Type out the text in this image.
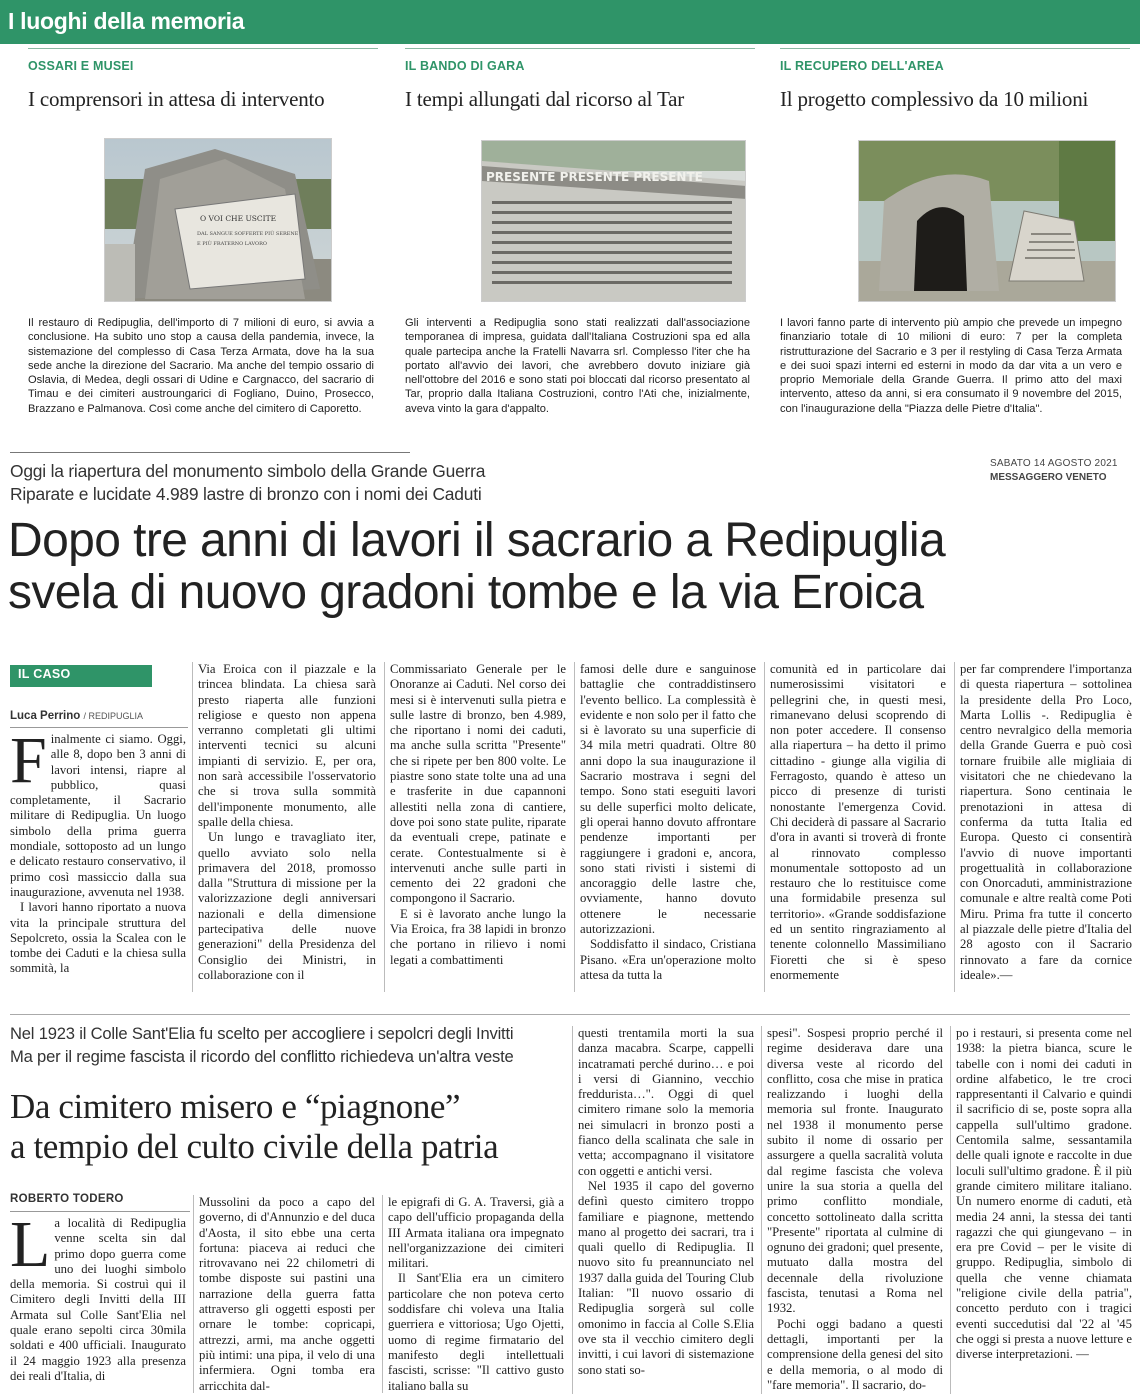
I luoghi della memoria
OSSARI E MUSEI
I comprensori in attesa di intervento
O VOI CHE USCITE
DAL SANGUE SOFFERTE PIÙ SERENE
E PIÙ FRATERNO LAVORO
Il restauro di Redipuglia, dell'importo di 7 milioni di euro, si avvia a conclusione. Ha subito uno stop a causa della pandemia, invece, la sistemazione del complesso di Casa Terza Armata, dove ha la sua sede anche la direzione del Sacrario. Ma anche del tempio ossario di Oslavia, di Medea, degli ossari di Udine e Cargnacco, del sacrario di Timau e dei cimiteri austroungarici di Fogliano, Duino, Prosecco, Brazzano e Palmanova. Così come anche del cimitero di Caporetto.
IL BANDO DI GARA
I tempi allungati dal ricorso al Tar
PRESENTE PRESENTE PRESENTE
Gli interventi a Redipuglia sono stati realizzati dall'associazione temporanea di impresa, guidata dall'Italiana Costruzioni spa ed alla quale partecipa anche la Fratelli Navarra srl. Complesso l'iter che ha portato all'avvio dei lavori, che avrebbero dovuto iniziare già nell'ottobre del 2016 e sono stati poi bloccati dal ricorso presentato al Tar, proprio dalla Italiana Costruzioni, contro l'Ati che, inizialmente, aveva vinto la gara d'appalto.
IL RECUPERO DELL'AREA
Il progetto complessivo da 10 milioni
I lavori fanno parte di intervento più ampio che prevede un impegno finanziario totale di 10 milioni di euro: 7 per la completa ristrutturazione del Sacrario e 3 per il restyling di Casa Terza Armata e dei suoi spazi interni ed esterni in modo da dar vita a un vero e proprio Memoriale della Grande Guerra. Il primo atto del maxi intervento, atteso da anni, si era consumato il 9 novembre del 2015, con l'inaugurazione della "Piazza delle Pietre d'Italia".
SABATO 14 AGOSTO 2021
MESSAGGERO VENETO
Oggi la riapertura del monumento simbolo della Grande Guerra
Riparate e lucidate 4.989 lastre di bronzo con i nomi dei Caduti
Dopo tre anni di lavori il sacrario a Redipuglia
svela di nuovo gradoni tombe e la via Eroica
IL CASO
Luca Perrino / REDIPUGLIA
F inalmente ci siamo. Oggi, alle 8, dopo ben 3 anni di lavori intensi, riapre al pubblico, quasi completamente, il Sacrario militare di Redipuglia. Un luogo simbolo della prima guerra mondiale, sottoposto ad un lungo e delicato restauro conservativo, il primo così massiccio dalla sua inaugurazione, avvenuta nel 1938.

I lavori hanno riportato a nuova vita la principale struttura del Sepolcreto, ossia la Scalea con le tombe dei Caduti e la chiesa sulla sommità, la

Via Eroica con il piazzale e la trincea blindata. La chiesa sarà presto riaperta alle funzioni religiose e questo non appena verranno completati gli ultimi interventi tecnici su alcuni impianti di servizio. E, per ora, non sarà accessibile l'osservatorio che si trova sulla sommità dell'imponente monumento, alle spalle della chiesa.

Un lungo e travagliato iter, quello avviato solo nella primavera del 2018, promosso dalla "Struttura di missione per la valorizzazione degli anniversari nazionali e della dimensione partecipativa delle nuove generazioni" della Presidenza del Consiglio dei Ministri, in collaborazione con il

Commissariato Generale per le Onoranze ai Caduti. Nel corso dei mesi si è intervenuti sulla pietra e sulle lastre di bronzo, ben 4.989, che riportano i nomi dei caduti, ma anche sulla scritta "Presente" che si ripete per ben 800 volte. Le piastre sono state tolte una ad una e trasferite in due capannoni allestiti nella zona di cantiere, dove poi sono state pulite, riparate da eventuali crepe, patinate e cerate. Contestualmente si è intervenuti anche sulle parti in cemento dei 22 gradoni che compongono il Sacrario.

E si è lavorato anche lungo la Via Eroica, fra 38 lapidi in bronzo che portano in rilievo i nomi legati a combattimenti

famosi delle dure e sanguinose battaglie che contraddistinsero l'evento bellico. La complessità è evidente e non solo per il fatto che si è lavorato su una superficie di 34 mila metri quadrati. Oltre 80 anni dopo la sua inaugurazione il Sacrario mostrava i segni del tempo. Sono stati eseguiti lavori su delle superfici molto delicate, gli operai hanno dovuto affrontare pendenze importanti per raggiungere i gradoni e, ancora, sono stati rivisti i sistemi di ancoraggio delle lastre che, ovviamente, hanno dovuto ottenere le necessarie autorizzazioni.

Soddisfatto il sindaco, Cristiana Pisano. «Era un'operazione molto attesa da tutta la

comunità ed in particolare dai numerosissimi visitatori e pellegrini che, in questi mesi, rimanevano delusi scoprendo di non poter accedere. Il consenso alla riapertura – ha detto il primo cittadino - giunge alla vigilia di Ferragosto, quando è atteso un picco di presenze di turisti nonostante l'emergenza Covid. Chi deciderà di passare al Sacrario d'ora in avanti si troverà di fronte al rinnovato complesso monumentale sottoposto ad un restauro che lo restituisce come una formidabile presenza sul territorio». «Grande soddisfazione ed un sentito ringraziamento al tenente colonnello Massimiliano Fioretti che si è speso enormemente

per far comprendere l'importanza di questa riapertura – sottolinea la presidente della Pro Loco, Marta Lollis -. Redipuglia è centro nevralgico della memoria della Grande Guerra e può così tornare fruibile alle migliaia di visitatori che ne chiedevano la riapertura. Sono centinaia le prenotazioni in attesa di conferma da tutta Italia ed Europa. Questo ci consentirà l'avvio di nuove importanti progettualità in collaborazione con Onorcaduti, amministrazione comunale e altre realtà come Poti Miru. Prima fra tutte il concerto al piazzale delle pietre d'Italia del 28 agosto con il Sacrario rinnovato a fare da cornice ideale».—

Nel 1923 il Colle Sant'Elia fu scelto per accogliere i sepolcri degli Invitti
Ma per il regime fascista il ricordo del conflitto richiedeva un'altra veste
Da cimitero misero e “piagnone”
a tempio del culto civile della patria
ROBERTO TODERO
L a località di Redipuglia venne scelta sin dal primo dopo guerra come uno dei luoghi simbolo della memoria. Si costruì qui il Cimitero degli Invitti della III Armata sul Colle Sant'Elia nel quale erano sepolti circa 30mila soldati e 400 ufficiali. Inaugurato il 24 maggio 1923 alla presenza dei reali d'Italia, di

Mussolini da poco a capo del governo, di d'Annunzio e del duca d'Aosta, il sito ebbe una certa fortuna: piaceva ai reduci che ritrovavano nei 22 chilometri di tombe disposte sui pastini una narrazione della guerra fatta attraverso gli oggetti esposti per ornare le tombe: copricapi, attrezzi, armi, ma anche oggetti più intimi: una pipa, il velo di una infermiera. Ogni tomba era arricchita dal-

le epigrafi di G. A. Traversi, già a capo dell'ufficio propaganda della III Armata italiana ora impegnato nell'organizzazione dei cimiteri militari.

Il Sant'Elia era un cimitero particolare che non poteva certo soddisfare chi voleva una Italia guerriera e vittoriosa; Ugo Ojetti, uomo di regime firmatario del manifesto degli intellettuali fascisti, scrisse: "Il cattivo gusto italiano balla su

questi trentamila morti la sua danza macabra. Scarpe, cappelli incatramati perché durino… e poi i versi di Giannino, vecchio freddurista…". Oggi di quel cimitero rimane solo la memoria nei simulacri in bronzo posti a fianco della scalinata che sale in vetta; accompagnano il visitatore con oggetti e antichi versi.

Nel 1935 il capo del governo definì questo cimitero troppo familiare e piagnone, mettendo mano al progetto dei sacrari, tra i quali quello di Redipuglia. Il nuovo sito fu preannunciato nel 1937 dalla guida del Touring Club Italian: "Il nuovo ossario di Redipuglia sorgerà sul colle omonimo in faccia al Colle S.Elia ove sta il vecchio cimitero degli invitti, i cui lavori di sistemazione sono stati so-

spesi". Sospesi proprio perché il regime desiderava dare una diversa veste al ricordo del conflitto, cosa che mise in pratica realizzando i luoghi della memoria sul fronte. Inaugurato nel 1938 il monumento perse subito il nome di ossario per assurgere a quella sacralità voluta dal regime fascista che voleva unire la sua storia a quella del primo conflitto mondiale, concetto sottolineato dalla scritta "Presente" riportata al culmine di ognuno dei gradoni; quel presente, mutuato dalla mostra del decennale della rivoluzione fascista, tenutasi a Roma nel 1932.

Pochi oggi badano a questi dettagli, importanti per la comprensione della genesi del sito e della memoria, o al modo di "fare memoria". Il sacrario, do-

po i restauri, si presenta come nel 1938: la pietra bianca, scure le tabelle con i nomi dei caduti in ordine alfabetico, le tre croci rappresentanti il Calvario e quindi il sacrificio di se, poste sopra alla cappella sull'ultimo gradone. Centomila salme, sessantamila delle quali ignote e raccolte in due loculi sull'ultimo gradone. È il più grande cimitero militare italiano. Un numero enorme di caduti, età media 24 anni, la stessa dei tanti ragazzi che qui giungevano – in era pre Covid – per le visite di gruppo. Redipuglia, simbolo di quella che venne chiamata "religione civile della patria", concetto perduto con i tragici eventi succedutisi dal '22 al '45 che oggi si presta a nuove letture e diverse interpretazioni. —
